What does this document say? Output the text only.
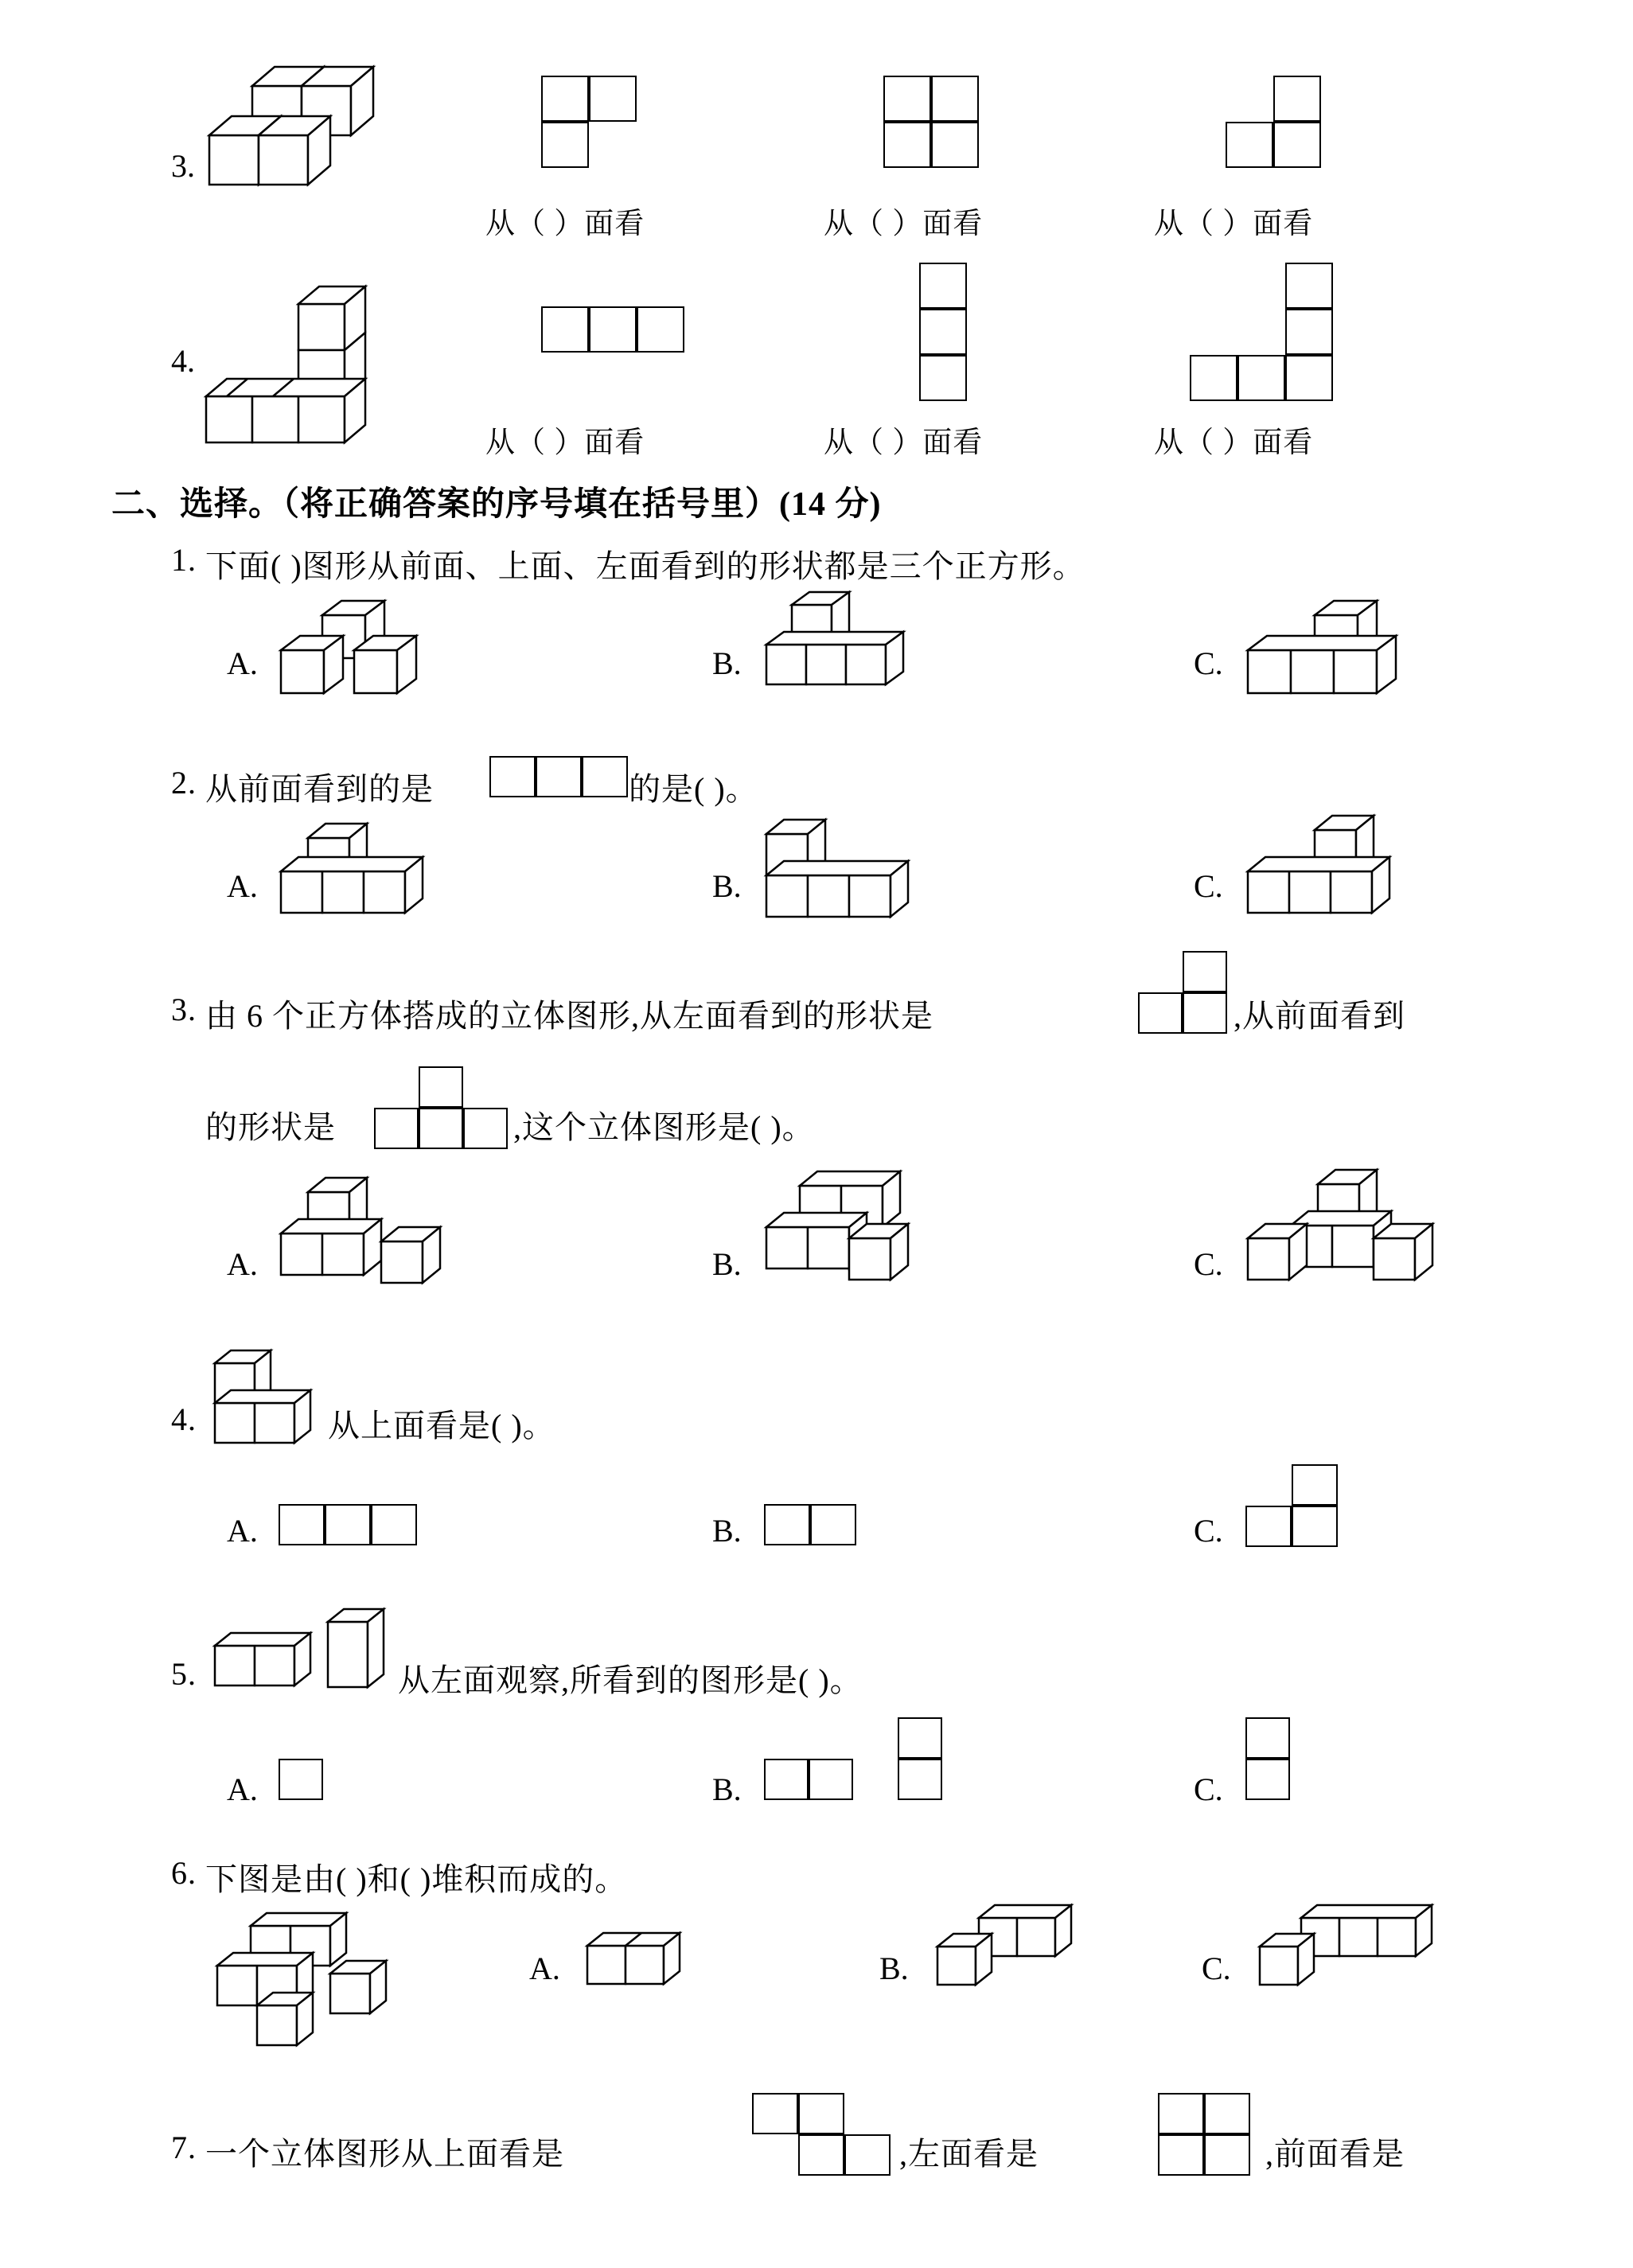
3.
从（ ）面看	从（ ）面看	从（ ）面看
4.
从（ ）面看	从（ ）面看	从（ ）面看
二、选择。（将正确答案的序号填在括号里）(14 分)
1. 下面( )图形从前面、上面、左面看到的形状都是三个正方形。
A.	B.	C.
2. 从前面看到的是	的是( )。
A.	B.	C.
3. 由 6 个正方体搭成的立体图形,从左面看到的形状是	,从前面看到
的形状是	,这个立体图形是( )。
A.	B.	C.
4.	从上面看是( )。
A.	B.	C.
5.	从左面观察,所看到的图形是( )。
A.	B.	C.
6. 下图是由( )和( )堆积而成的。
A.	B.	C.
7. 一个立体图形从上面看是	,左面看是	,前面看是
